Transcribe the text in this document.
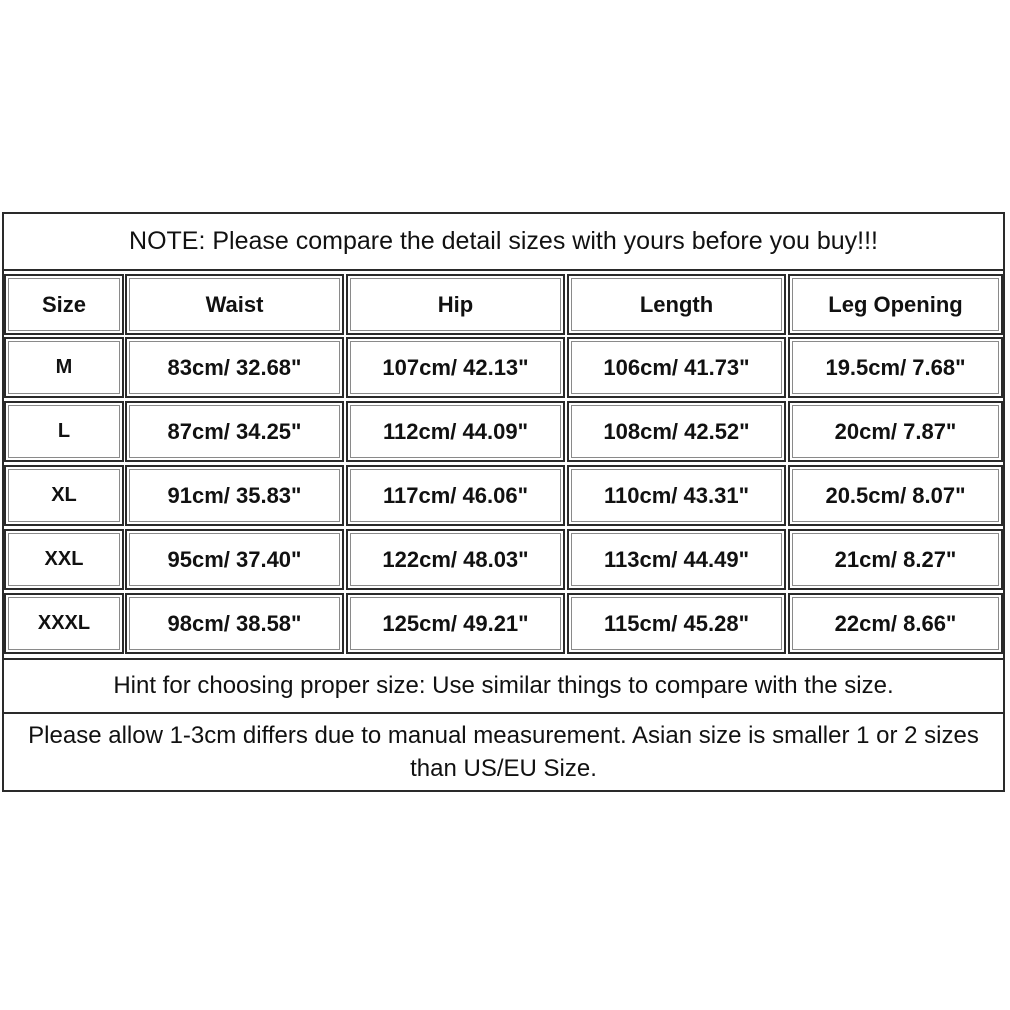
NOTE: Please compare the detail sizes with yours before you buy!!!
Size	Waist	Hip	Length	Leg Opening
M	83cm/ 32.68"	107cm/ 42.13"	106cm/ 41.73"	19.5cm/ 7.68"
L	87cm/ 34.25"	112cm/ 44.09"	108cm/ 42.52"	20cm/ 7.87"
XL	91cm/ 35.83"	117cm/ 46.06"	110cm/ 43.31"	20.5cm/ 8.07"
XXL	95cm/ 37.40"	122cm/ 48.03"	113cm/ 44.49"	21cm/ 8.27"
XXXL	98cm/ 38.58"	125cm/ 49.21"	115cm/ 45.28"	22cm/ 8.66"
Hint for choosing proper size: Use similar things to compare with the size.
Please allow 1-3cm differs due to manual measurement. Asian size is smaller 1 or 2 sizes than US/EU Size.
